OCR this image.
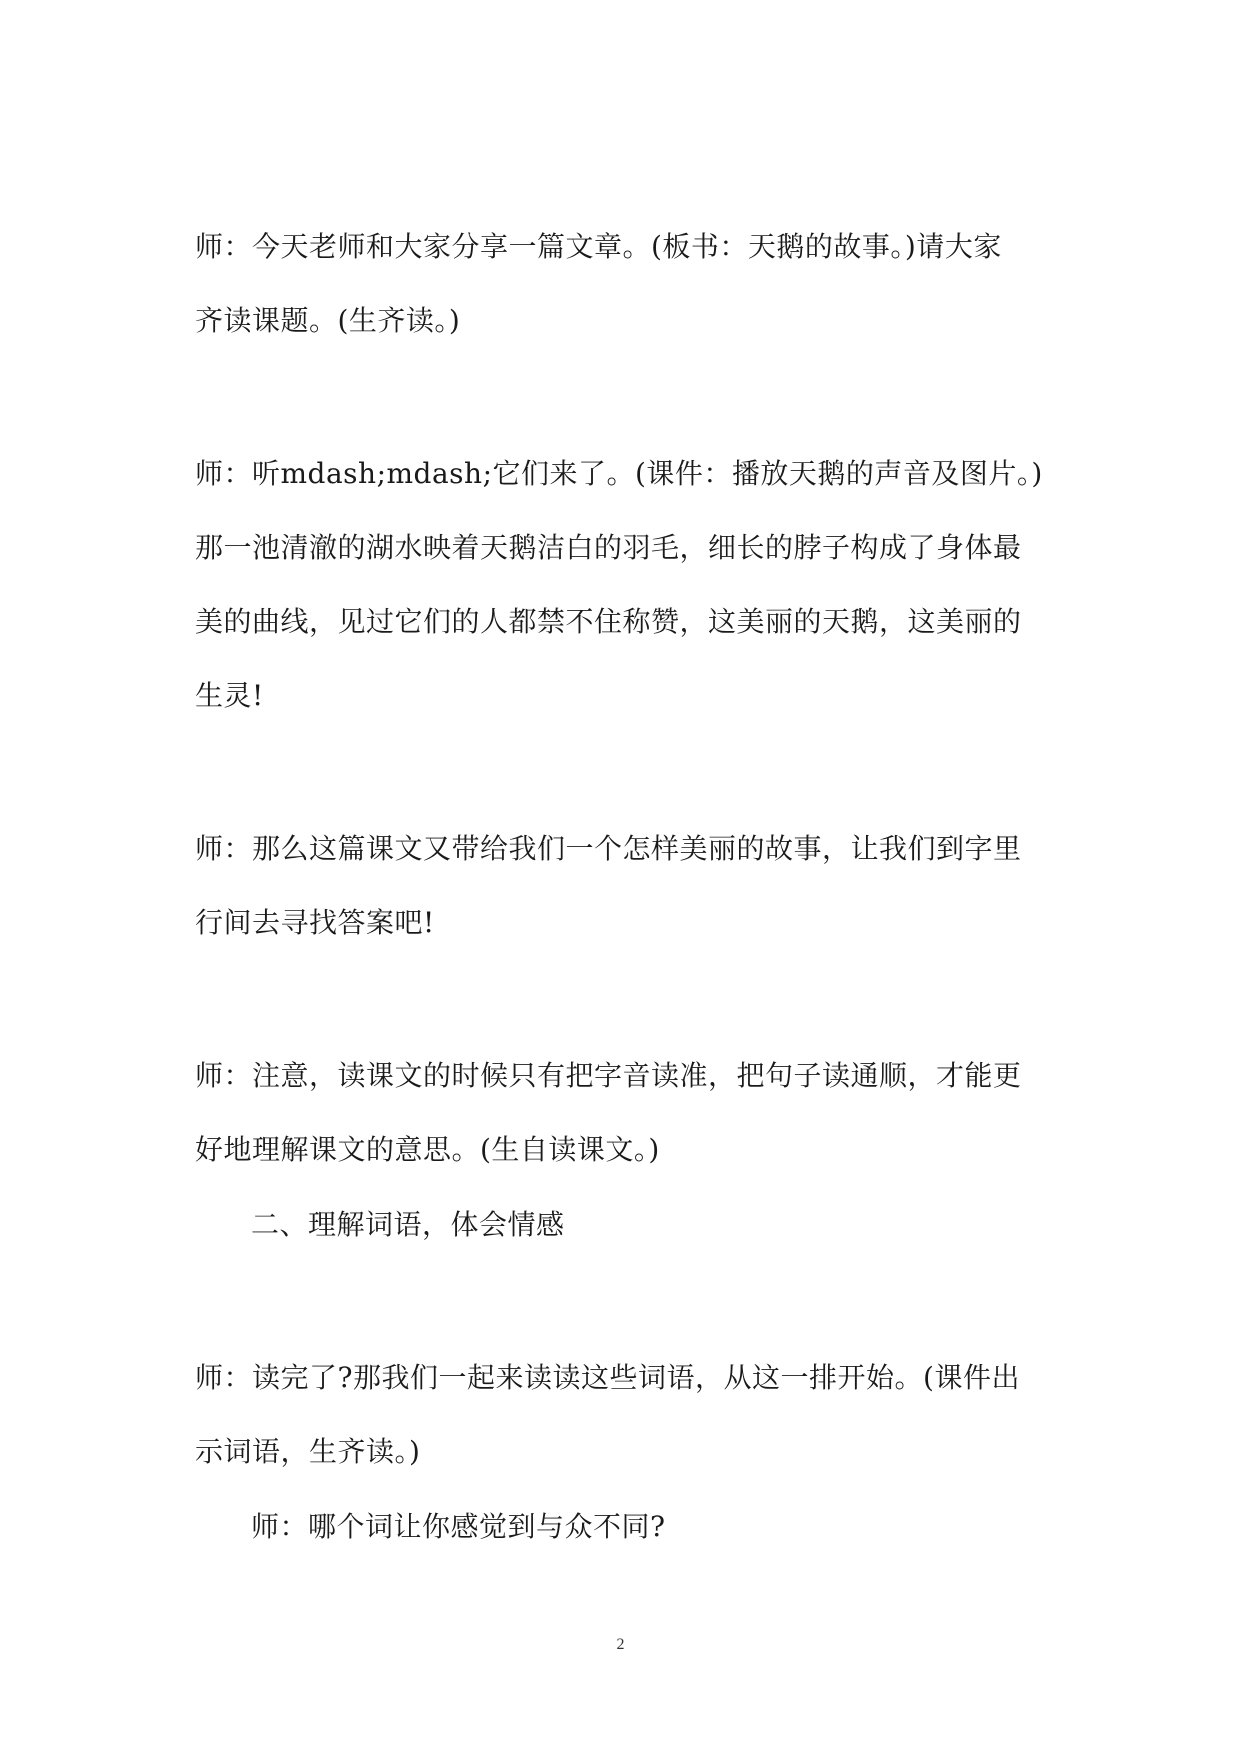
师：今天老师和大家分享一篇文章。(板书：天鹅的故事。)请大家
齐读课题。(生齐读。)
师：听mdash;mdash;它们来了。(课件：播放天鹅的声音及图片。)
那一池清澈的湖水映着天鹅洁白的羽毛，细长的脖子构成了身体最
美的曲线，见过它们的人都禁不住称赞，这美丽的天鹅，这美丽的
生灵!
师：那么这篇课文又带给我们一个怎样美丽的故事，让我们到字里
行间去寻找答案吧!
师：注意，读课文的时候只有把字音读准，把句子读通顺，才能更
好地理解课文的意思。(生自读课文。)
二、理解词语，体会情感
师：读完了?那我们一起来读读这些词语，从这一排开始。(课件出
示词语，生齐读。)
师：哪个词让你感觉到与众不同?
2
